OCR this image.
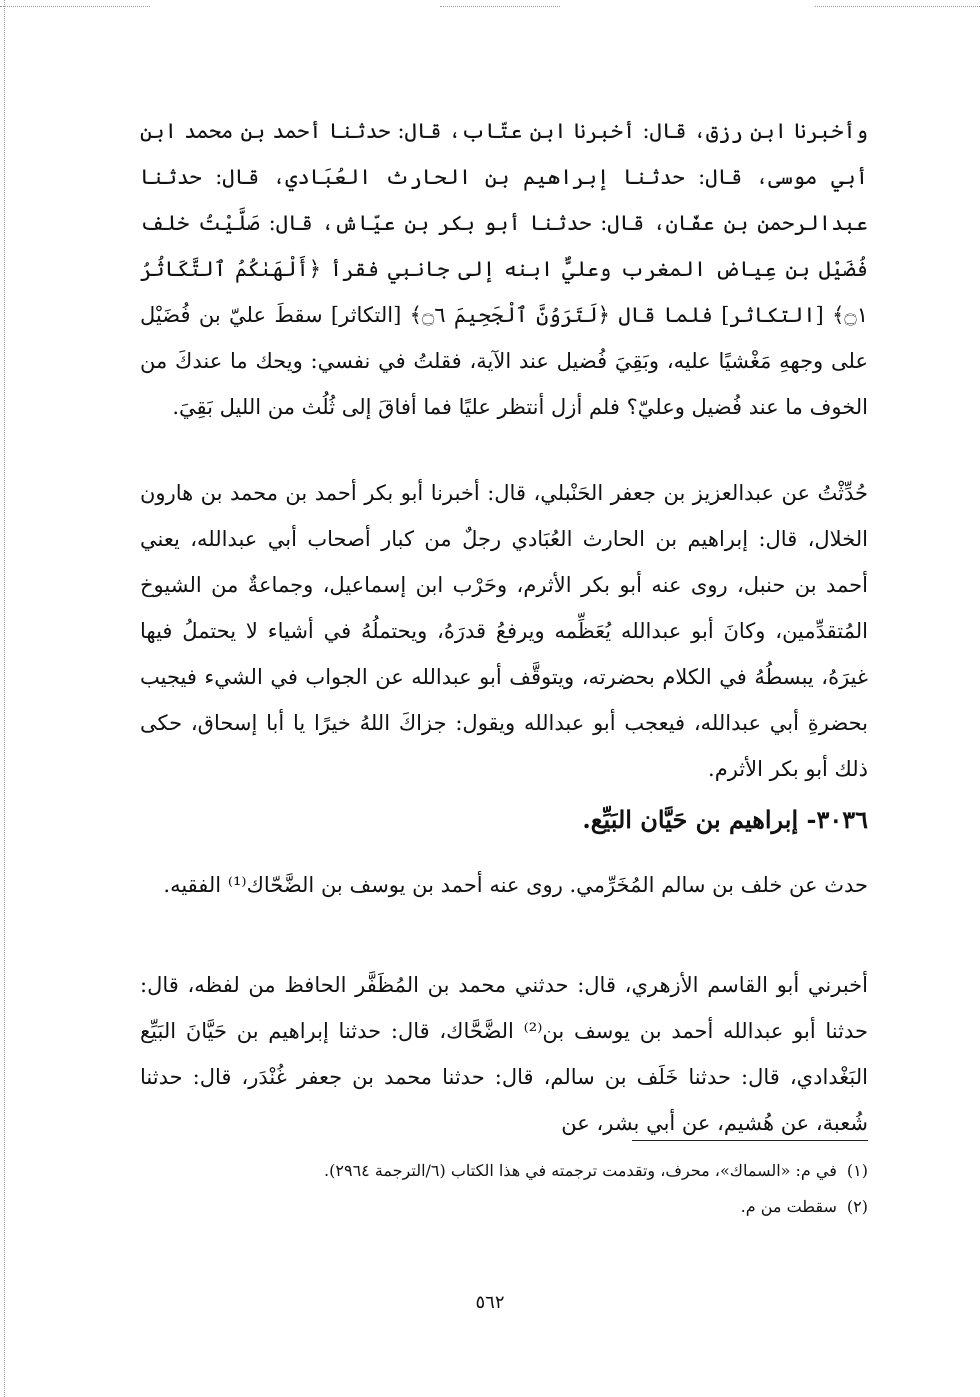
وأخبرنا ابن رزق، قال: أخبرنا ابن عتّاب، قال: حدثنا أحمد بن محمد ابن أبي موسى، قال: حدثنا إبراهيم بن الحارث العُبَادي، قال: حدثنا عبدالرحمن بن عفّان، قال: حدثنا أبو بكر بن عيّاش، قال: صَلَّيْتُ خلف فُضَيْل بن عِياض المغرب وعليٌّ ابنه إلى جانبي فقرأ ﴿أَلْهَىٰكُمُ ٱلتَّكَاثُرُ ۝١﴾ [التكاثر] فلما قال ﴿لَتَرَوُنَّ ٱلْجَحِيمَ ۝٦﴾ [التكاثر] سقطَ عليّ بن فُضَيْل على وجههِ مَغْشيًا عليه، وبَقِيَ فُضيل عند الآية، فقلتُ في نفسي: ويحك ما عندكَ من الخوف ما عند فُضيل وعليّ؟ فلم أزل أنتظر عليًا فما أفاقَ إلى ثُلُث من الليل بَقِيَ.

حُدِّثْتُ عن عبدالعزيز بن جعفر الحَنْبلي، قال: أخبرنا أبو بكر أحمد بن محمد بن هارون الخلال، قال: إبراهيم بن الحارث العُبَادي رجلٌ من كبار أصحاب أبي عبدالله، يعني أحمد بن حنبل، روى عنه أبو بكر الأثرم، وحَرْب ابن إسماعيل، وجماعةٌ من الشيوخ المُتقدِّمين، وكانَ أبو عبدالله يُعَظِّمه ويرفعُ قدرَهُ، ويحتملُهُ في أشياء لا يحتملُ فيها غيرَهُ، يبسطُهُ في الكلام بحضرته، ويتوقَّف أبو عبدالله عن الجواب في الشيء فيجيب بحضرةِ أبي عبدالله، فيعجب أبو عبدالله ويقول: جزاكَ اللهُ خيرًا يا أبا إسحاق، حكى ذلك أبو بكر الأثرم.

٣٠٣٦- إبراهيم بن حَيَّان البَيِّع.

حدث عن خلف بن سالم المُخَرِّمي. روى عنه أحمد بن يوسف بن الضَّحّاك⁽¹⁾ الفقيه.

أخبرني أبو القاسم الأزهري، قال: حدثني محمد بن المُظَفَّر الحافظ من لفظه، قال: حدثنا أبو عبدالله أحمد بن يوسف بن⁽²⁾ الضَّحَّاك، قال: حدثنا إبراهيم بن حَيَّانَ البَيِّع البَغْدادي، قال: حدثنا خَلَف بن سالم، قال: حدثنا محمد بن جعفر غُنْدَر، قال: حدثنا شُعبة، عن هُشيم، عن أبي بشر، عن

(١)في م: «السماك»، محرف، وتقدمت ترجمته في هذا الكتاب (٦/الترجمة ٢٩٦٤).

(٢)سقطت من م.

٥٦٢
